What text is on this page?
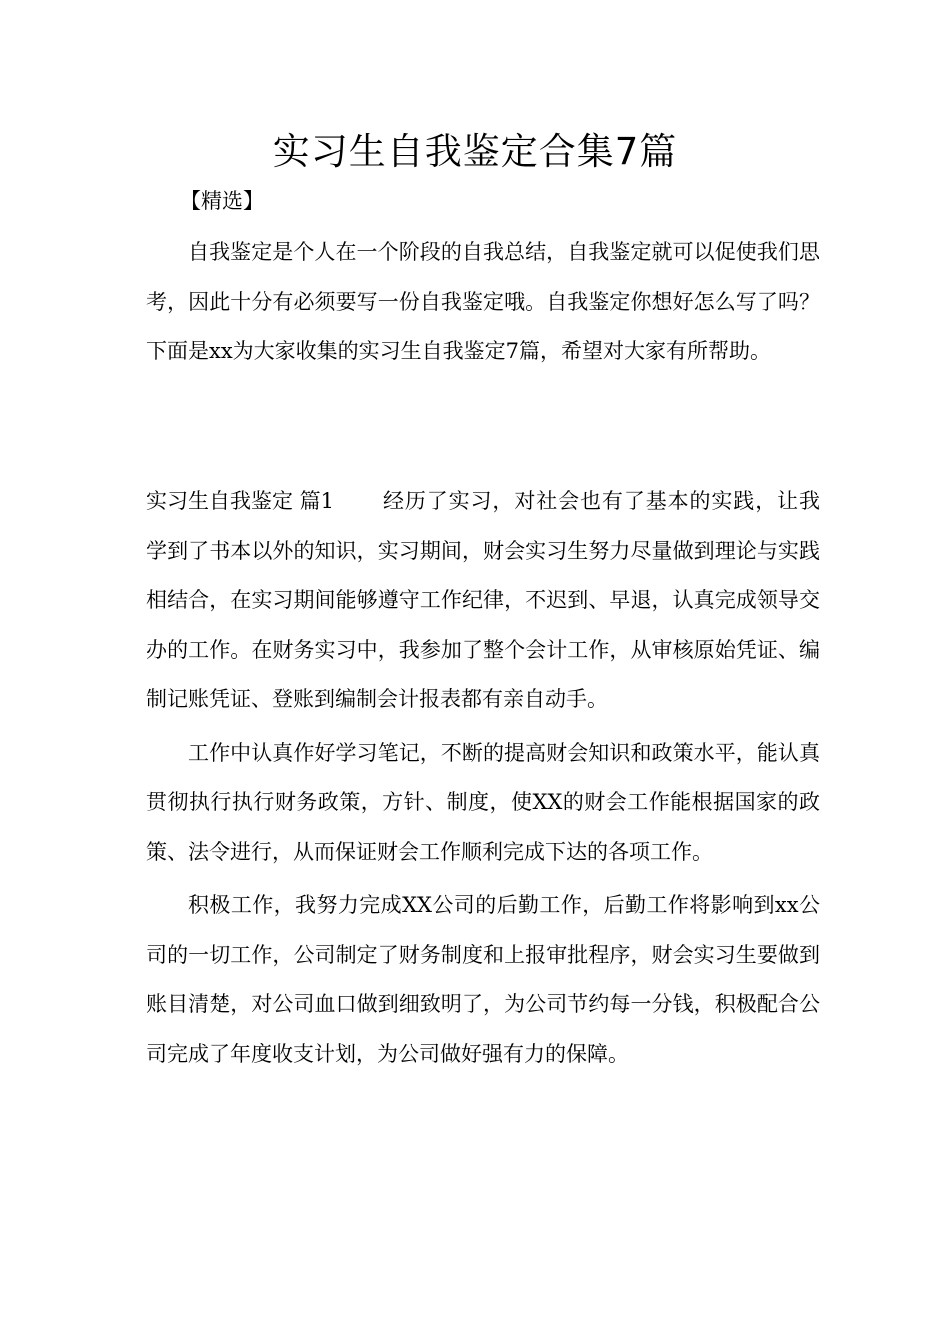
实习生自我鉴定合集7篇
【精选】

自我鉴定是个人在一个阶段的自我总结，自我鉴定就可以促使我们思考，因此十分有必须要写一份自我鉴定哦。自我鉴定你想好怎么写了吗？下面是xx为大家收集的实习生自我鉴定7篇，希望对大家有所帮助。

实习生自我鉴定 篇1 经历了实习，对社会也有了基本的实践，让我学到了书本以外的知识，实习期间，财会实习生努力尽量做到理论与实践相结合，在实习期间能够遵守工作纪律，不迟到、早退，认真完成领导交办的工作。在财务实习中，我参加了整个会计工作，从审核原始凭证、编制记账凭证、登账到编制会计报表都有亲自动手。

工作中认真作好学习笔记，不断的提高财会知识和政策水平，能认真贯彻执行执行财务政策，方针、制度，使XX的财会工作能根据国家的政策、法令进行，从而保证财会工作顺利完成下达的各项工作。

积极工作，我努力完成XX公司的后勤工作，后勤工作将影响到xx公司的一切工作，公司制定了财务制度和上报审批程序，财会实习生要做到账目清楚，对公司血口做到细致明了，为公司节约每一分钱，积极配合公司完成了年度收支计划，为公司做好强有力的保障。
